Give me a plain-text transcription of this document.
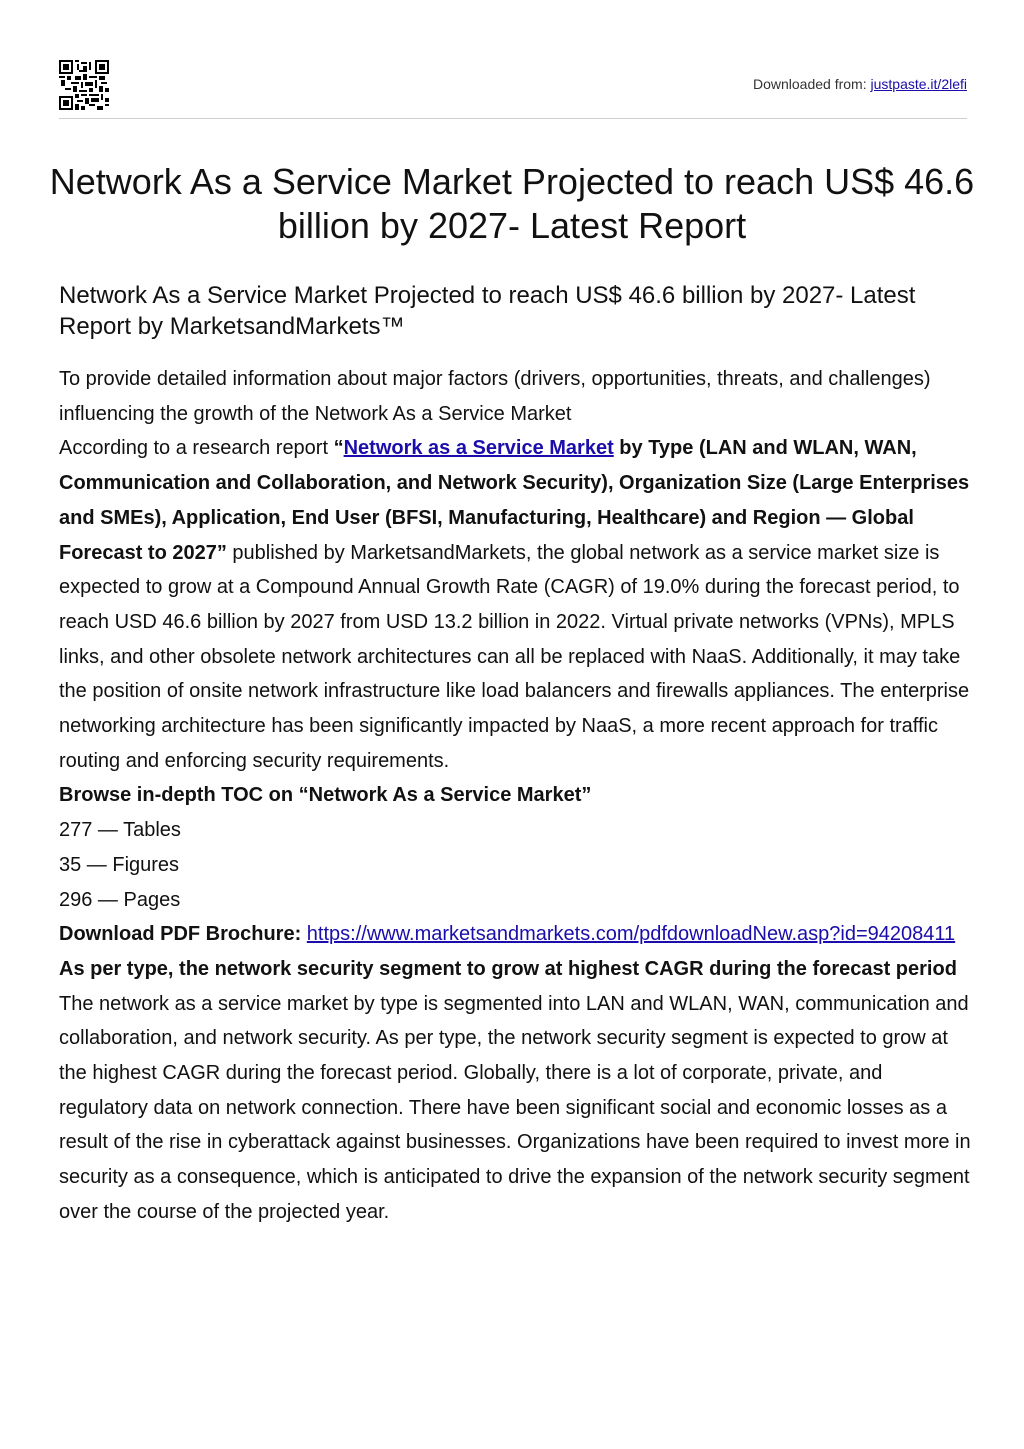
Downloaded from: justpaste.it/2lefi
Network As a Service Market Projected to reach US$ 46.6 billion by 2027- Latest Report
Network As a Service Market Projected to reach US$ 46.6 billion by 2027- Latest Report by MarketsandMarkets™

To provide detailed information about major factors (drivers, opportunities, threats, and challenges) influencing the growth of the Network As a Service Market

According to a research report “Network as a Service Market by Type (LAN and WLAN, WAN, Communication and Collaboration, and Network Security), Organization Size (Large Enterprises and SMEs), Application, End User (BFSI, Manufacturing, Healthcare) and Region — Global Forecast to 2027” published by MarketsandMarkets, the global network as a service market size is expected to grow at a Compound Annual Growth Rate (CAGR) of 19.0% during the forecast period, to reach USD 46.6 billion by 2027 from USD 13.2 billion in 2022. Virtual private networks (VPNs), MPLS links, and other obsolete network architectures can all be replaced with NaaS. Additionally, it may take the position of onsite network infrastructure like load balancers and firewalls appliances. The enterprise networking architecture has been significantly impacted by NaaS, a more recent approach for traffic routing and enforcing security requirements.

Browse in-depth TOC on “Network As a Service Market”

277 — Tables

35 — Figures

296 — Pages

Download PDF Brochure: https://www.marketsandmarkets.com/pdfdownloadNew.asp?id=94208411

As per type, the network security segment to grow at highest CAGR during the forecast period

The network as a service market by type is segmented into LAN and WLAN, WAN, communication and collaboration, and network security. As per type, the network security segment is expected to grow at the highest CAGR during the forecast period. Globally, there is a lot of corporate, private, and regulatory data on network connection. There have been significant social and economic losses as a result of the rise in cyberattack against businesses. Organizations have been required to invest more in security as a consequence, which is anticipated to drive the expansion of the network security segment over the course of the projected year.
